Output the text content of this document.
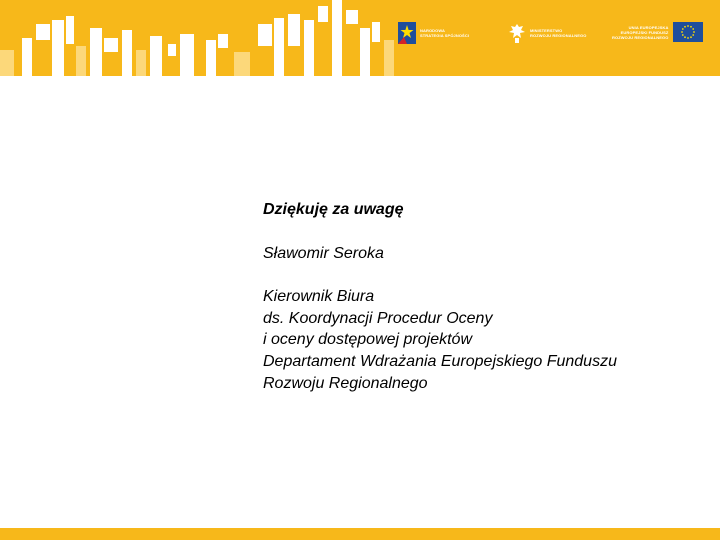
NARODOWA
STRATEGIA SPÓJNOŚCI
MINISTERSTWO
ROZWOJU REGIONALNEGO
UNIA EUROPEJSKA
EUROPEJSKI FUNDUSZ
ROZWOJU REGIONALNEGO

Dziękuję za uwagę

Sławomir Seroka

Kierownik Biura
ds. Koordynacji Procedur Oceny
i oceny dostępowej projektów
Departament Wdrażania Europejskiego Funduszu
Rozwoju Regionalnego
